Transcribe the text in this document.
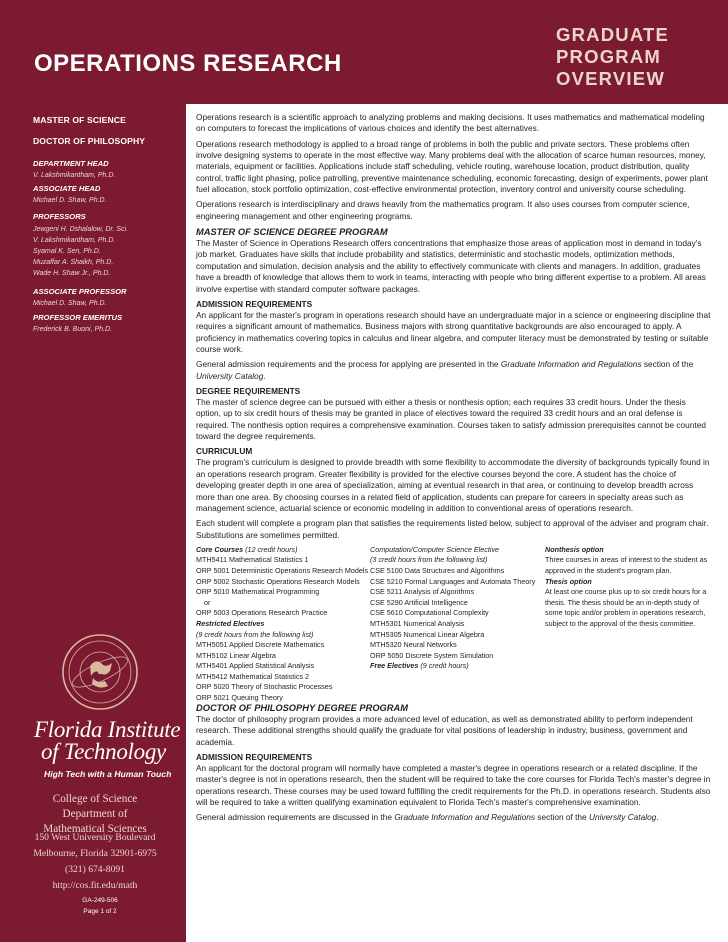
OPERATIONS RESEARCH
GRADUATE
PROGRAM
OVERVIEW
MASTER OF SCIENCE
DOCTOR OF PHILOSOPHY
DEPARTMENT HEAD
V. Lakshmikantham, Ph.D.
ASSOCIATE HEAD
Michael D. Shaw, Ph.D.
PROFESSORS
Jewgeni H. Dshalalow, Dr. Sci.
V. Lakshmikantham, Ph.D.
Syamal K. Sen, Ph.D.
Muzaffar A. Shaikh, Ph.D.
Wade H. Shaw Jr., Ph.D.
ASSOCIATE PROFESSOR
Michael D. Shaw, Ph.D.
PROFESSOR EMERITUS
Frederick B. Buoni, Ph.D.
Florida Institute
of Technology
High Tech with a Human Touch
College of Science
Department of
Mathematical Sciences
150 West University Boulevard
Melbourne, Florida 32901-6975
(321) 674-8091
http://cos.fit.edu/math
GA-249-506
Page 1 of 2

Operations research is a scientific approach to analyzing problems and making decisions. It uses mathematics and mathematical modeling on computers to forecast the implications of various choices and identify the best alternatives.

Operations research methodology is applied to a broad range of problems in both the public and private sectors. These problems often involve designing systems to operate in the most effective way. Many problems deal with the allocation of scarce human resources, money, materials, equipment or facilities. Applications include staff scheduling, vehicle routing, warehouse location, product distribution, quality control, traffic light phasing, police patrolling, preventive maintenance scheduling, economic forecasting, design of experiments, power plant fuel allocation, stock portfolio optimization, cost-effective environmental protection, inventory control and university course scheduling.

Operations research is interdisciplinary and draws heavily from the mathematics program. It also uses courses from computer science, engineering management and other engineering programs.

MASTER OF SCIENCE DEGREE PROGRAM

The Master of Science in Operations Research offers concentrations that emphasize those areas of application most in demand in today's job market. Graduates have skills that include probability and statistics, deterministic and stochastic models, optimization methods, computation and simulation, decision analysis and the ability to effectively communicate with clients and managers. In addition, graduates have a breadth of knowledge that allows them to work in teams, interacting with people who bring different expertise to a problem. All areas involve expertise with standard computer software packages.

ADMISSION REQUIREMENTS

An applicant for the master's program in operations research should have an undergraduate major in a science or engineering discipline that requires a significant amount of mathematics. Business majors with strong quantitative backgrounds are also encouraged to apply. A proficiency in mathematics covering topics in calculus and linear algebra, and computer literacy must be demonstrated by testing or suitable course work.

General admission requirements and the process for applying are presented in the Graduate Information and Regulations section of the University Catalog.

DEGREE REQUIREMENTS

The master of science degree can be pursued with either a thesis or nonthesis option; each requires 33 credit hours. Under the thesis option, up to six credit hours of thesis may be granted in place of electives toward the required 33 credit hours and an oral defense is required. The nonthesis option requires a comprehensive examination. Courses taken to satisfy admission prerequisites cannot be counted toward the degree requirements.

CURRICULUM

The program's curriculum is designed to provide breadth with some flexibility to accommodate the diversity of backgrounds typically found in an operations research program. Greater flexibility is provided for the elective courses beyond the core. A student has the choice of developing greater depth in one area of specialization, aiming at eventual research in that area, or continuing to develop breadth across more than one area. By choosing courses in a related field of application, students can prepare for careers in specialty areas such as management science, actuarial science or economic modeling in addition to conventional areas of operations research.

Each student will complete a program plan that satisfies the requirements listed below, subject to approval of the adviser and program chair. Substitutions are sometimes permitted.

Core Courses (12 credit hours)
MTH5411 Mathematical Statistics 1
ORP 5001 Deterministic Operations Research Models
ORP 5002 Stochastic Operations Research Models
ORP 5010 Mathematical Programming
or
ORP 5003 Operations Research Practice
Restricted Electives
(9 credit hours from the following list)
MTH5051 Applied Discrete Mathematics
MTH5102 Linear Algebra
MTH5401 Applied Statistical Analysis
MTH5412 Mathematical Statistics 2
ORP 5020 Theory of Stochastic Processes
ORP 5021 Queuing Theory
Computation/Computer Science Elective
(3 credit hours from the following list)
CSE 5100 Data Structures and Algorithms
CSE 5210 Formal Languages and Automata Theory
CSE 5211 Analysis of Algorithms
CSE 5290 Artificial Intelligence
CSE 5610 Computational Complexity
MTH5301 Numerical Analysis
MTH5305 Numerical Linear Algebra
MTH5320 Neural Networks
ORP 5050 Discrete System Simulation
Free Electives (9 credit hours)
Nonthesis option
Three courses in areas of interest to the student as approved in the student's program plan.
Thesis option
At least one course plus up to six credit hours for a thesis. The thesis should be an in-depth study of some topic and/or problem in operations research, subject to the approval of the thesis committee.
DOCTOR OF PHILOSOPHY DEGREE PROGRAM

The doctor of philosophy program provides a more advanced level of education, as well as demonstrated ability to perform independent research. These additional strengths should qualify the graduate for vital positions of leadership in industry, business, government and academia.

ADMISSION REQUIREMENTS

An applicant for the doctoral program will normally have completed a master's degree in operations research or a related discipline. If the master's degree is not in operations research, then the student will be required to take the core courses for Florida Tech's master's degree in operations research. These courses may be used toward fulfilling the credit requirements for the Ph.D. in operations research. Students also will be required to take a written qualifying examination equivalent to Florida Tech's master's comprehensive examination.

General admission requirements are discussed in the Graduate Information and Regulations section of the University Catalog.
